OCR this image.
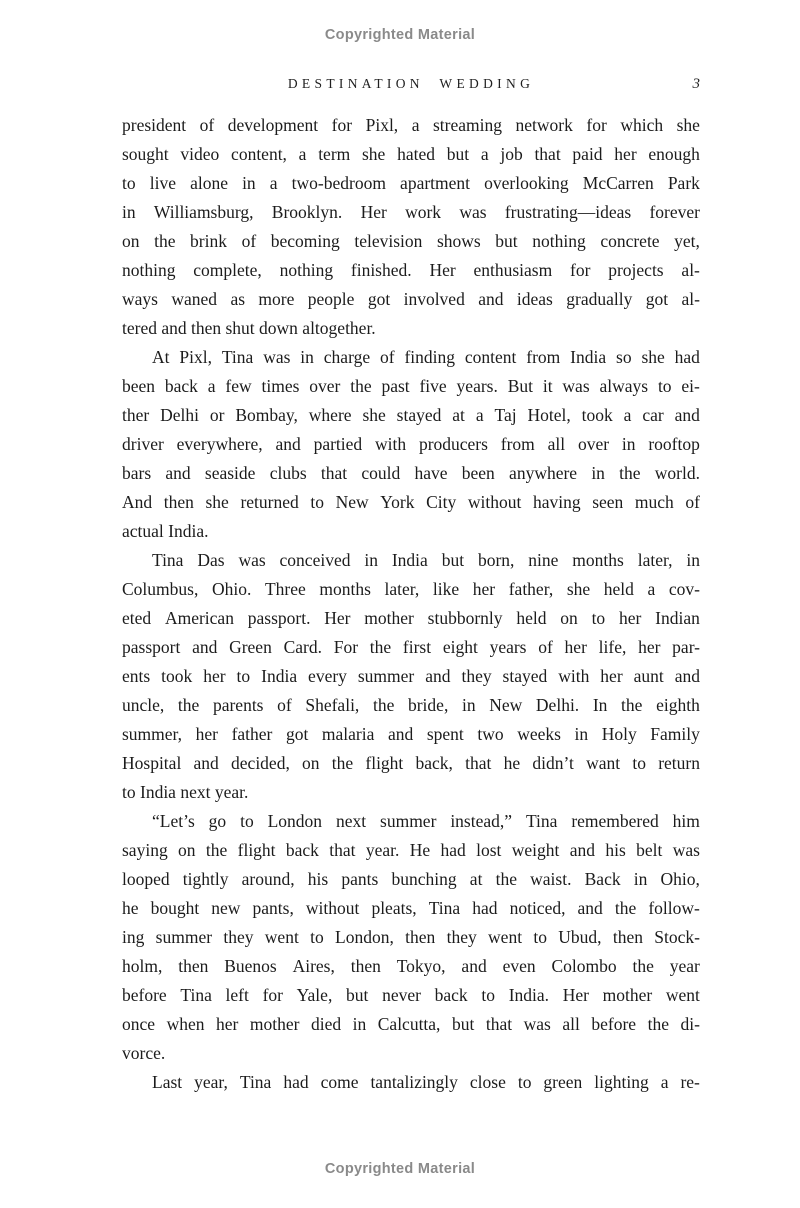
Copyrighted Material
DESTINATION WEDDING	3
president of development for Pixl, a streaming network for which she
sought video content, a term she hated but a job that paid her enough
to live alone in a two-bedroom apartment overlooking McCarren Park
in Williamsburg, Brooklyn. Her work was frustrating—ideas forever
on the brink of becoming television shows but nothing concrete yet,
nothing complete, nothing finished. Her enthusiasm for projects al-
ways waned as more people got involved and ideas gradually got al-
tered and then shut down altogether.
At Pixl, Tina was in charge of finding content from India so she had
been back a few times over the past five years. But it was always to ei-
ther Delhi or Bombay, where she stayed at a Taj Hotel, took a car and
driver everywhere, and partied with producers from all over in rooftop
bars and seaside clubs that could have been anywhere in the world.
And then she returned to New York City without having seen much of
actual India.
Tina Das was conceived in India but born, nine months later, in
Columbus, Ohio. Three months later, like her father, she held a cov-
eted American passport. Her mother stubbornly held on to her Indian
passport and Green Card. For the first eight years of her life, her par-
ents took her to India every summer and they stayed with her aunt and
uncle, the parents of Shefali, the bride, in New Delhi. In the eighth
summer, her father got malaria and spent two weeks in Holy Family
Hospital and decided, on the flight back, that he didn’t want to return
to India next year.
“Let’s go to London next summer instead,” Tina remembered him
saying on the flight back that year. He had lost weight and his belt was
looped tightly around, his pants bunching at the waist. Back in Ohio,
he bought new pants, without pleats, Tina had noticed, and the follow-
ing summer they went to London, then they went to Ubud, then Stock-
holm, then Buenos Aires, then Tokyo, and even Colombo the year
before Tina left for Yale, but never back to India. Her mother went
once when her mother died in Calcutta, but that was all before the di-
vorce.
Last year, Tina had come tantalizingly close to green lighting a re-
Copyrighted Material
